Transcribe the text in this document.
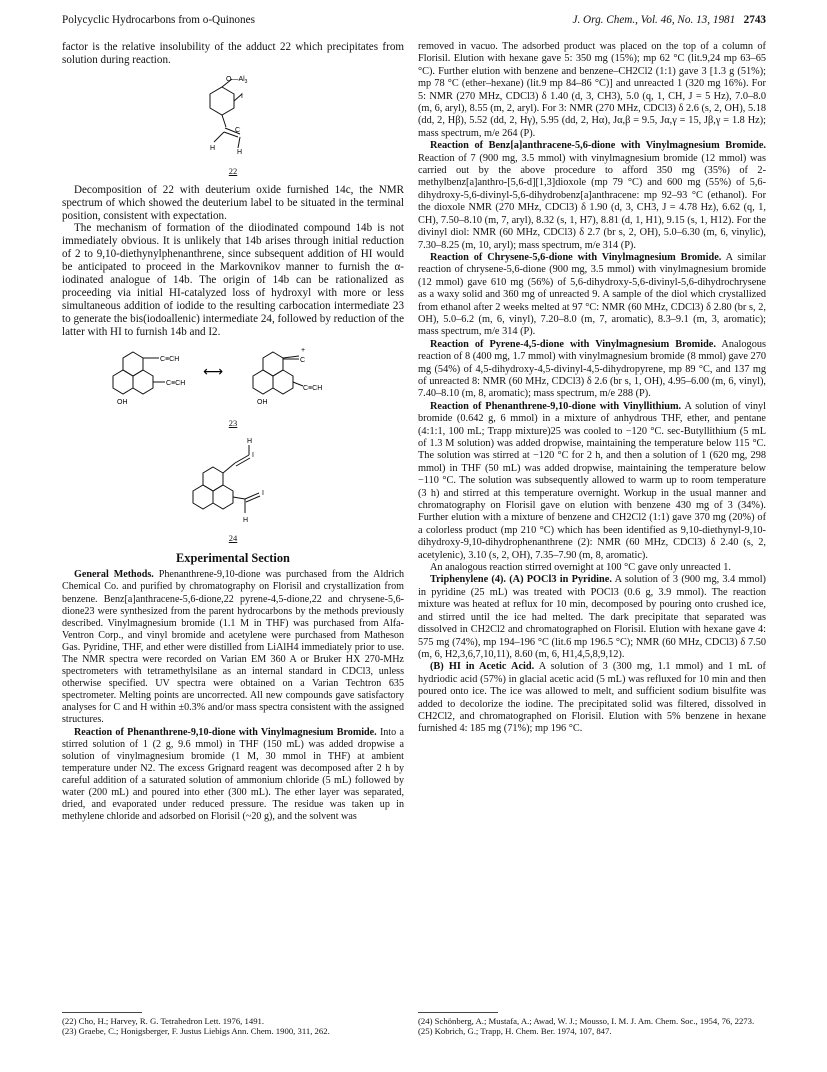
Polycyclic Hydrocarbons from o-Quinones	J. Org. Chem., Vol. 46, No. 13, 1981 2743

factor is the relative insolubility of the adduct 22 which precipitates from solution during reaction.

$O—Al_3$
I
C
H
H
22

Decomposition of 22 with deuterium oxide furnished 14c, the NMR spectrum of which showed the deuterium label to be situated in the terminal position, consistent with expectation.

The mechanism of formation of the diiodinated compound 14b is not immediately obvious. It is unlikely that 14b arises through initial reduction of 2 to 9,10-diethynylphenanthrene, since subsequent addition of HI would be anticipated to proceed in the Markovnikov manner to furnish the α-iodinated analogue of 14b. The origin of 14b can be rationalized as proceeding via initial HI-catalyzed loss of hydroxyl with more or less simultaneous addition of iodide to the resulting carbocation intermediate 23 to generate the bis(iodoallenic) intermediate 24, followed by reduction of the latter with HI to furnish 14b and I2.

C≡CH
C≡CH
OH
⟷
+
C
C≡CH
OH
23
H
I
I
H
24
Experimental Section

General Methods. Phenanthrene-9,10-dione was purchased from the Aldrich Chemical Co. and purified by chromatography on Florisil and crystallization from benzene. Benz[a]anthracene-5,6-dione,22 pyrene-4,5-dione,22 and chrysene-5,6-dione23 were synthesized from the parent hydrocarbons by the methods previously described. Vinylmagnesium bromide (1.1 M in THF) was purchased from Alfa-Ventron Corp., and vinyl bromide and acetylene were purchased from Matheson Gas. Pyridine, THF, and ether were distilled from LiAlH4 immediately prior to use. The NMR spectra were recorded on Varian EM 360 A or Bruker HX 270-MHz spectrometers with tetramethylsilane as an internal standard in CDCl3, unless otherwise specified. UV spectra were obtained on a Varian Techtron 635 spectrometer. Melting points are uncorrected. All new compounds gave satisfactory analyses for C and H within ±0.3% and/or mass spectra consistent with the assigned structures.

Reaction of Phenanthrene-9,10-dione with Vinylmagnesium Bromide. Into a stirred solution of 1 (2 g, 9.6 mmol) in THF (150 mL) was added dropwise a solution of vinylmagnesium bromide (1 M, 30 mmol in THF) at ambient temperature under N2. The excess Grignard reagent was decomposed after 2 h by careful addition of a saturated solution of ammonium chloride (5 mL) followed by water (200 mL) and poured into ether (300 mL). The ether layer was separated, dried, and evaporated under reduced pressure. The residue was taken up in methylene chloride and adsorbed on Florisil (~20 g), and the solvent was

removed in vacuo. The adsorbed product was placed on the top of a column of Florisil. Elution with hexane gave 5: 350 mg (15%); mp 62 °C (lit.9,24 mp 63–65 °C). Further elution with benzene and benzene–CH2Cl2 (1:1) gave 3 [1.3 g (51%); mp 78 °C (ether–hexane) (lit.9 mp 84–86 °C)] and unreacted 1 (320 mg 16%). For 5: NMR (270 MHz, CDCl3) δ 1.40 (d, 3, CH3), 5.0 (q, 1, CH, J = 5 Hz), 7.0–8.0 (m, 6, aryl), 8.55 (m, 2, aryl). For 3: NMR (270 MHz, CDCl3) δ 2.6 (s, 2, OH), 5.18 (dd, 2, Hβ), 5.52 (dd, 2, Hγ), 5.95 (dd, 2, Hα), Jα,β = 9.5, Jα,γ = 15, Jβ,γ = 1.8 Hz); mass spectrum, m/e 264 (P).

Reaction of Benz[a]anthracene-5,6-dione with Vinylmagnesium Bromide. Reaction of 7 (900 mg, 3.5 mmol) with vinylmagnesium bromide (12 mmol) was carried out by the above procedure to afford 350 mg (35%) of 2-methylbenz[a]anthro-[5,6-d][1,3]dioxole (mp 79 °C) and 600 mg (55%) of 5,6-dihydroxy-5,6-divinyl-5,6-dihydrobenz[a]anthracene: mp 92–93 °C (ethanol). For the dioxole NMR (270 MHz, CDCl3) δ 1.90 (d, 3, CH3, J = 4.78 Hz), 6.62 (q, 1, CH), 7.50–8.10 (m, 7, aryl), 8.32 (s, 1, H7), 8.81 (d, 1, H1), 9.15 (s, 1, H12). For the divinyl diol: NMR (60 MHz, CDCl3) δ 2.7 (br s, 2, OH), 5.0–6.30 (m, 6, vinylic), 7.30–8.25 (m, 10, aryl); mass spectrum, m/e 314 (P).

Reaction of Chrysene-5,6-dione with Vinylmagnesium Bromide. A similar reaction of chrysene-5,6-dione (900 mg, 3.5 mmol) with vinylmagnesium bromide (12 mmol) gave 610 mg (56%) of 5,6-dihydroxy-5,6-divinyl-5,6-dihydrochrysene as a waxy solid and 360 mg of unreacted 9. A sample of the diol which crystallized from ethanol after 2 weeks melted at 97 °C: NMR (60 MHz, CDCl3) δ 2.80 (br s, 2, OH), 5.0–6.2 (m, 6, vinyl), 7.20–8.0 (m, 7, aromatic), 8.3–9.1 (m, 3, aromatic); mass spectrum, m/e 314 (P).

Reaction of Pyrene-4,5-dione with Vinylmagnesium Bromide. Analogous reaction of 8 (400 mg, 1.7 mmol) with vinylmagnesium bromide (8 mmol) gave 270 mg (54%) of 4,5-dihydroxy-4,5-divinyl-4,5-dihydropyrene, mp 89 °C, and 137 mg of unreacted 8: NMR (60 MHz, CDCl3) δ 2.6 (br s, 1, OH), 4.95–6.00 (m, 6, vinyl), 7.40–8.10 (m, 8, aromatic); mass spectrum, m/e 288 (P).

Reaction of Phenanthrene-9,10-dione with Vinyllithium. A solution of vinyl bromide (0.642 g, 6 mmol) in a mixture of anhydrous THF, ether, and pentane (4:1:1, 100 mL; Trapp mixture)25 was cooled to −120 °C. sec-Butyllithium (5 mL of 1.3 M solution) was added dropwise, maintaining the temperature below 115 °C. The solution was stirred at −120 °C for 2 h, and then a solution of 1 (620 mg, 298 mmol) in THF (50 mL) was added dropwise, maintaining the temperature below −110 °C. The solution was subsequently allowed to warm up to room temperature (3 h) and stirred at this temperature overnight. Workup in the usual manner and chromatography on Florisil gave on elution with benzene 430 mg of 3 (34%). Further elution with a mixture of benzene and CH2Cl2 (1:1) gave 370 mg (20%) of a colorless product (mp 210 °C) which has been identified as 9,10-diethynyl-9,10-dihydroxy-9,10-dihydrophenanthrene (2): NMR (60 MHz, CDCl3) δ 2.40 (s, 2, acetylenic), 3.10 (s, 2, OH), 7.35–7.90 (m, 8, aromatic).

An analogous reaction stirred overnight at 100 °C gave only unreacted 1.

Triphenylene (4). (A) POCl3 in Pyridine. A solution of 3 (900 mg, 3.4 mmol) in pyridine (25 mL) was treated with POCl3 (0.6 g, 3.9 mmol). The reaction mixture was heated at reflux for 10 min, decomposed by pouring onto crushed ice, and stirred until the ice had melted. The dark precipitate that separated was dissolved in CH2Cl2 and chromatographed on Florisil. Elution with hexane gave 4: 575 mg (74%), mp 194–196 °C (lit.6 mp 196.5 °C); NMR (60 MHz, CDCl3) δ 7.50 (m, 6, H2,3,6,7,10,11), 8.60 (m, 6, H1,4,5,8,9,12).

(B) HI in Acetic Acid. A solution of 3 (300 mg, 1.1 mmol) and 1 mL of hydriodic acid (57%) in glacial acetic acid (5 mL) was refluxed for 10 min and then poured onto ice. The ice was allowed to melt, and sufficient sodium bisulfite was added to decolorize the iodine. The precipitated solid was filtered, dissolved in CH2Cl2, and chromatographed on Florisil. Elution with 5% benzene in hexane furnished 4: 185 mg (71%); mp 196 °C.

(22) Cho, H.; Harvey, R. G. Tetrahedron Lett. 1976, 1491.

(23) Graebe, C.; Honigsberger, F. Justus Liebigs Ann. Chem. 1900, 311, 262.

(24) Schönberg, A.; Mustafa, A.; Awad, W. J.; Mousso, I. M. J. Am. Chem. Soc., 1954, 76, 2273.

(25) Kobrich, G.; Trapp, H. Chem. Ber. 1974, 107, 847.
